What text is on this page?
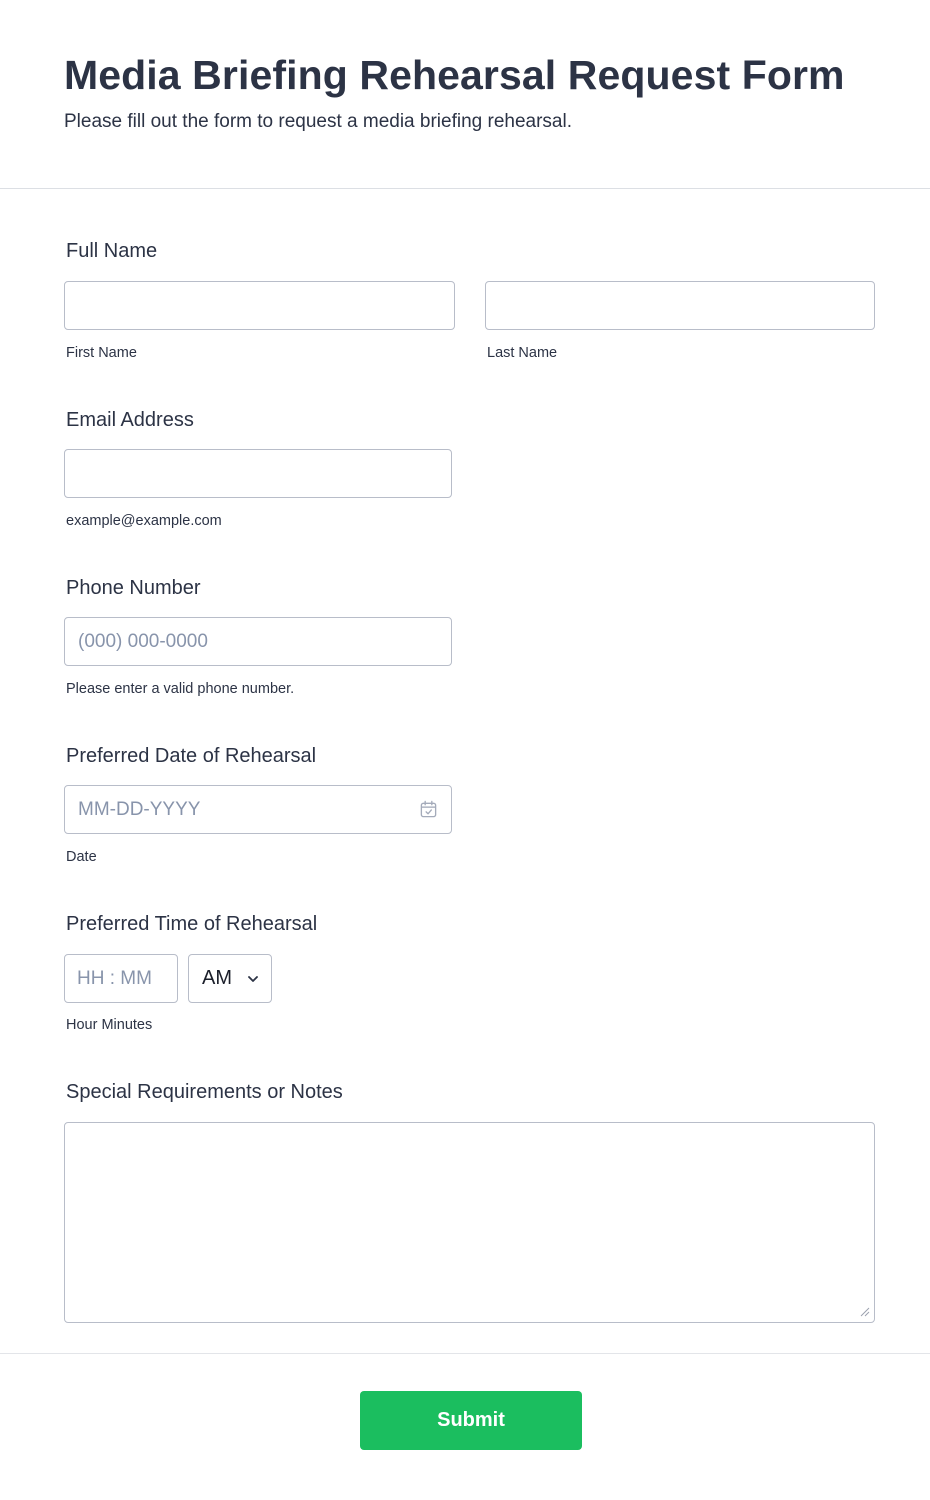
Media Briefing Rehearsal Request Form

Please fill out the form to request a media briefing rehearsal.

Full Name
First Name	Last Name
Email Address
example@example.com
Phone Number
(000) 000-0000
Please enter a valid phone number.
Preferred Date of Rehearsal
MM-DD-YYYY
Date
Preferred Time of Rehearsal
HH : MM
AM
Hour Minutes
Special Requirements or Notes
Submit
